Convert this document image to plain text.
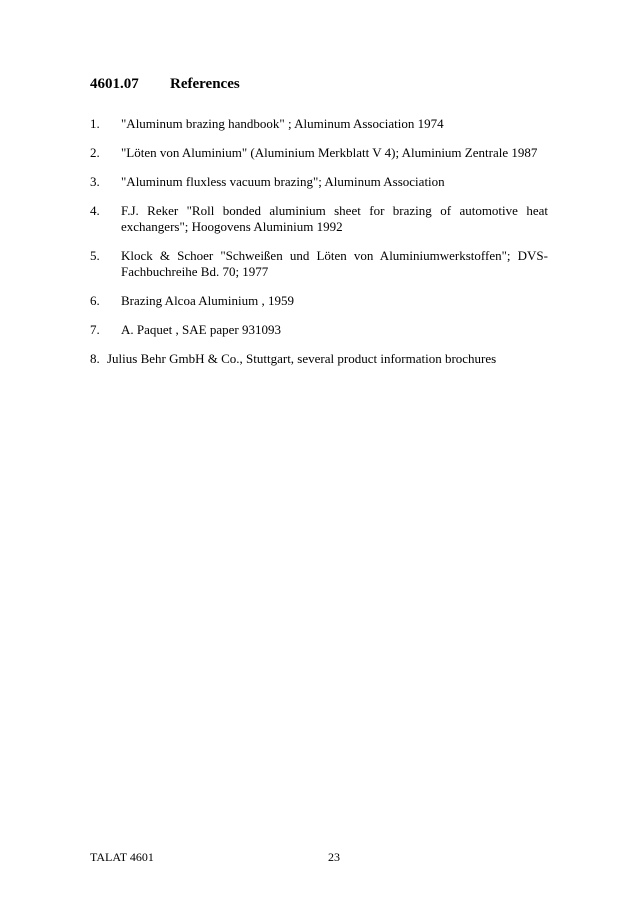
4601.07 References
1. "Aluminum brazing handbook" ; Aluminum Association 1974
2. "Löten von Aluminium" (Aluminium Merkblatt V 4); Aluminium Zentrale 1987
3. "Aluminum fluxless vacuum brazing"; Aluminum Association
4. F.J. Reker "Roll bonded aluminium sheet for brazing of automotive heat exchangers"; Hoogovens Aluminium 1992
5. Klock & Schoer "Schweißen und Löten von Aluminiumwerkstoffen"; DVS-Fachbuchreihe Bd. 70; 1977
6. Brazing Alcoa Aluminium , 1959
7. A. Paquet , SAE paper 931093
8. Julius Behr GmbH & Co., Stuttgart, several product information brochures
TALAT 4601	23
